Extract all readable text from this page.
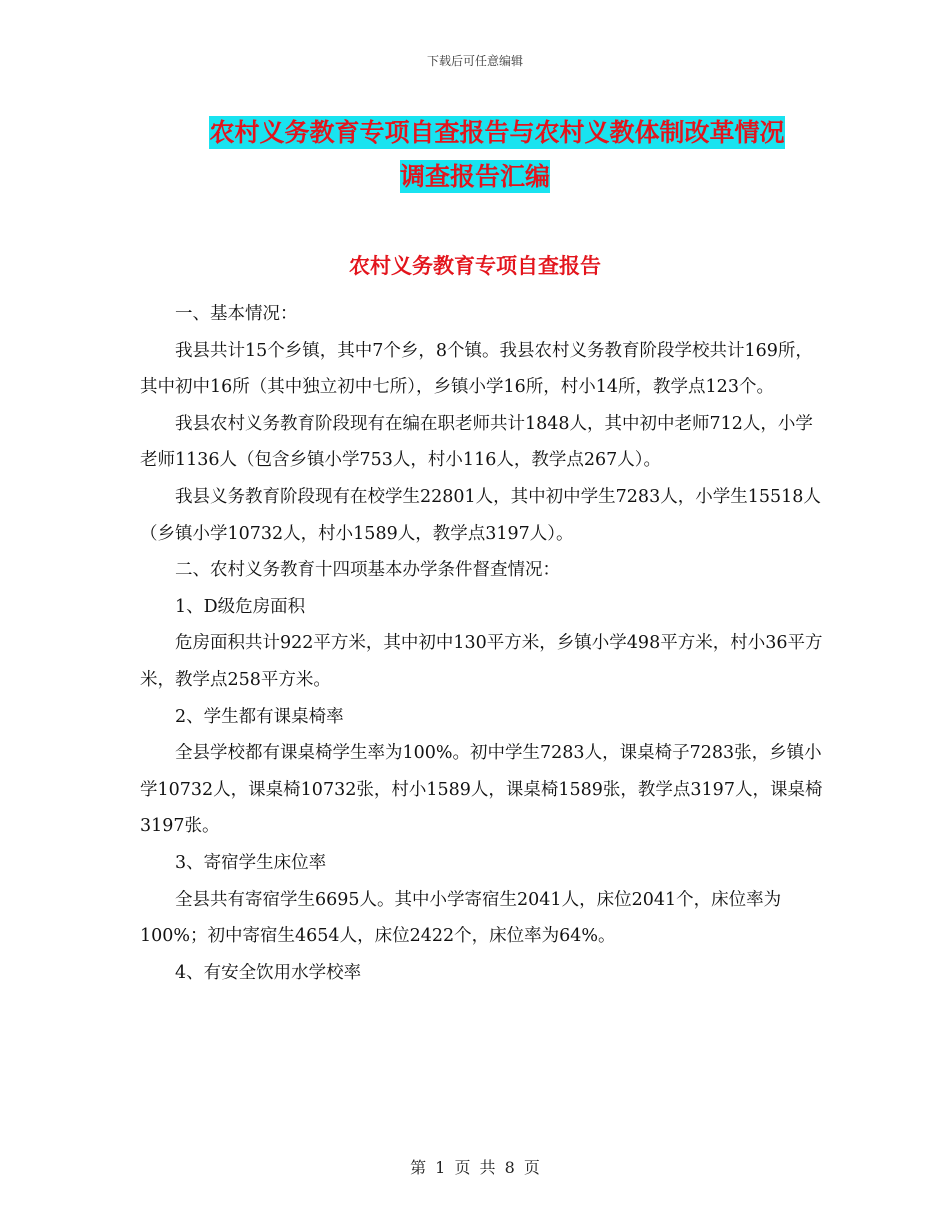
下载后可任意编辑
农村义务教育专项自查报告与农村义教体制改革情况
调查报告汇编
农村义务教育专项自查报告

一、基本情况：

我县共计15个乡镇，其中7个乡，8个镇。我县农村义务教育阶段学校共计169所，其中初中16所（其中独立初中七所），乡镇小学16所，村小14所，教学点123个。

我县农村义务教育阶段现有在编在职老师共计1848人，其中初中老师712人，小学老师1136人（包含乡镇小学753人，村小116人，教学点267人）。

我县义务教育阶段现有在校学生22801人，其中初中学生7283人，小学生15518人（乡镇小学10732人，村小1589人，教学点3197人）。

二、农村义务教育十四项基本办学条件督查情况：

1、D级危房面积

危房面积共计922平方米，其中初中130平方米，乡镇小学498平方米，村小36平方米，教学点258平方米。

2、学生都有课桌椅率

全县学校都有课桌椅学生率为100%。初中学生7283人，课桌椅子7283张，乡镇小学10732人，课桌椅10732张，村小1589人，课桌椅1589张，教学点3197人，课桌椅3197张。

3、寄宿学生床位率

全县共有寄宿学生6695人。其中小学寄宿生2041人，床位2041个，床位率为100%；初中寄宿生4654人，床位2422个，床位率为64%。

4、有安全饮用水学校率

第 1 页 共 8 页
